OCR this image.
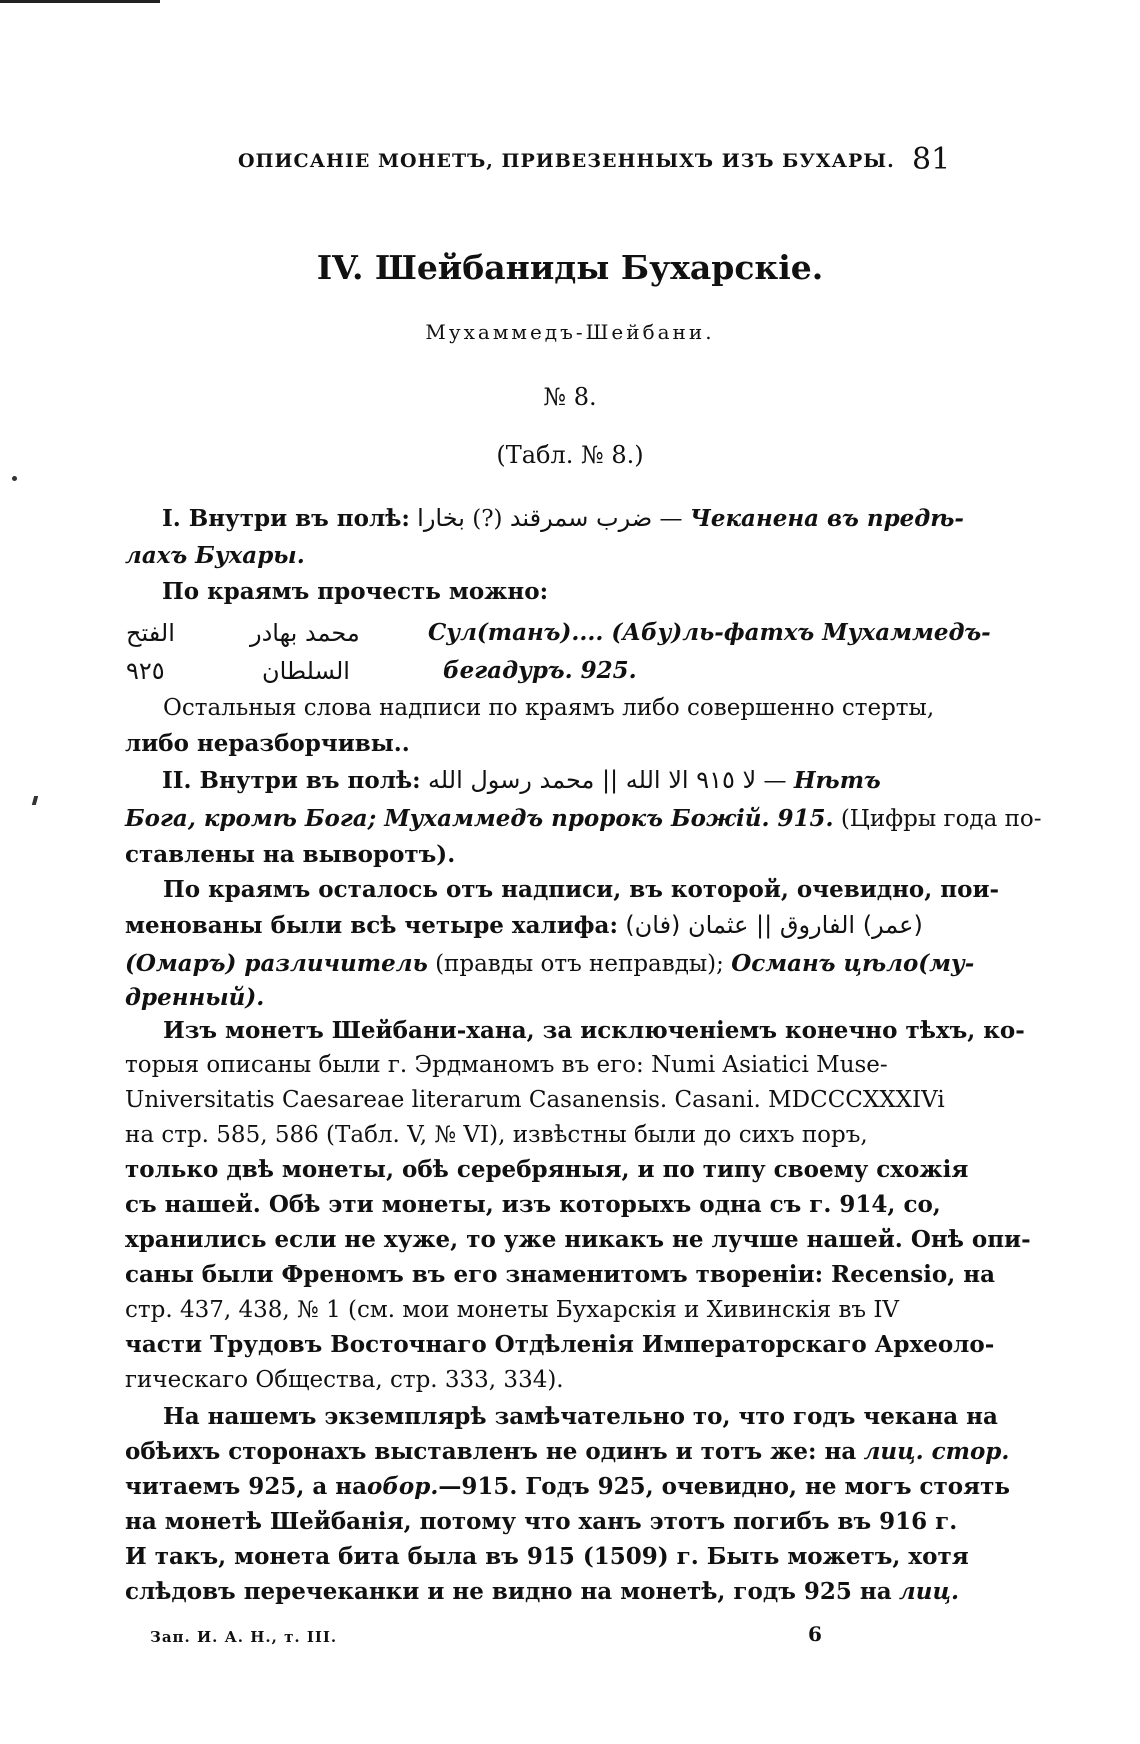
ОПИСАНІЕ МОНЕТЪ, ПРИВЕЗЕННЫХЪ ИЗЪ БУХАРЫ. 81
IV. Шейбаниды Бухарскіе.
Мухаммедъ-Шейбани.
№ 8.
(Табл. № 8.)
I. Внутри въ полѣ: بخارا (?) ضرب سمرقند — Чеканена въ предѣ-
лахъ Бухары.
По краямъ прочесть можно:
الفتح	محمد بهادر	Сул(танъ).... (Абу)ль-фатхъ Мухаммедъ-
٩٢٥	السلطان	бегадуръ. 925.
Остальныя слова надписи по краямъ либо совершенно стерты,
либо неразборчивы..
II. Внутри въ полѣ: لا ٩١٥ الا الله || محمد رسول الله — Нѣтъ
Бога, кромѣ Бога; Мухаммедъ пророкъ Божій. 915. (Цифры года по-
ставлены на выворотъ).
По краямъ осталось отъ надписи, въ которой, очевидно, пои-
менованы были всѣ четыре халифа: (عمر) الفاروق || عثمان (فان)
(Омаръ) различитель (правды отъ неправды); Османъ цѣло(му-
дренный).
Изъ монетъ Шейбани-хана, за исключеніемъ конечно тѣхъ, ко-
торыя описаны были г. Эрдманомъ въ его: Numi Asiatici Muse-
Universitatis Caesareae literarum Casanensis. Casani. MDCCCXXXIVi
на стр. 585, 586 (Табл. V, № VI), извѣстны были до сихъ поръ,
только двѣ монеты, обѣ серебряныя, и по типу своему схожія
съ нашей. Обѣ эти монеты, изъ которыхъ одна съ г. 914, со,
хранились если не хуже, то уже никакъ не лучше нашей. Онѣ опи-
саны были Френомъ въ его знаменитомъ твореніи: Recensio, на
стр. 437, 438, № 1 (см. мои монеты Бухарскія и Хивинскія въ IV
части Трудовъ Восточнаго Отдѣленія Императорскаго Археоло-
гическаго Общества, стр. 333, 334).
На нашемъ экземплярѣ замѣчательно то, что годъ чекана на
обѣихъ сторонахъ выставленъ не одинъ и тотъ же: на лиц. стор.
читаемъ 925, а наобор.—915. Годъ 925, очевидно, не могъ стоять
на монетѣ Шейбанія, потому что ханъ этотъ погибъ въ 916 г.
И такъ, монета бита была въ 915 (1509) г. Быть можетъ, хотя
слѣдовъ перечеканки и не видно на монетѣ, годъ 925 на лиц.
Зап. И. А. Н., т. III.	6
